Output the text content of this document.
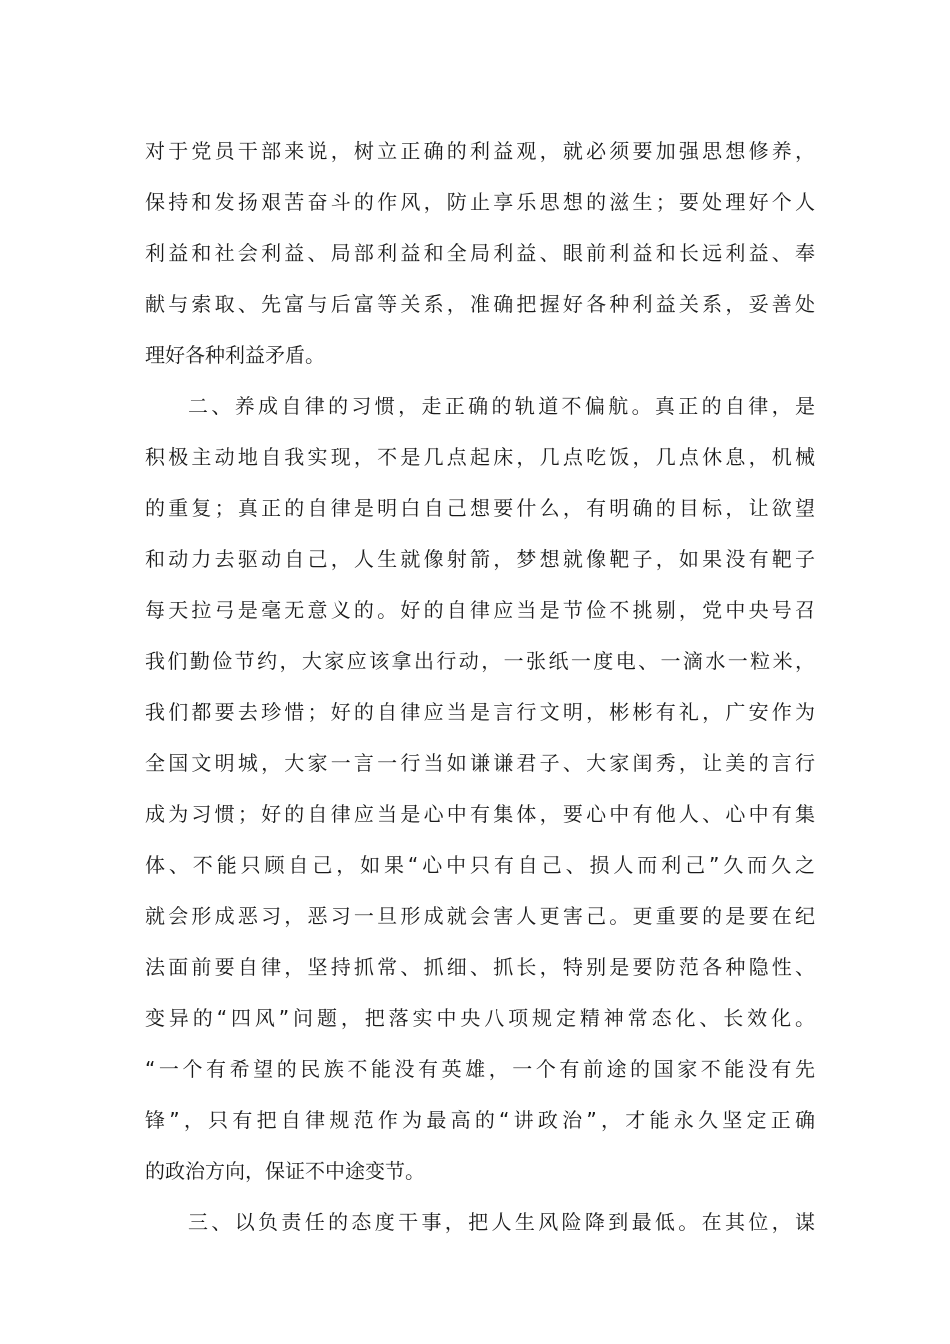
对于党员干部来说，树立正确的利益观，就必须要加强思想修养，
保持和发扬艰苦奋斗的作风，防止享乐思想的滋生；要处理好个人
利益和社会利益、局部利益和全局利益、眼前利益和长远利益、奉
献与索取、先富与后富等关系，准确把握好各种利益关系，妥善处
理好各种利益矛盾。
二、养成自律的习惯，走正确的轨道不偏航。真正的自律，是
积极主动地自我实现，不是几点起床，几点吃饭，几点休息，机械
的重复；真正的自律是明白自己想要什么，有明确的目标，让欲望
和动力去驱动自己，人生就像射箭，梦想就像靶子，如果没有靶子
每天拉弓是毫无意义的。好的自律应当是节俭不挑剔，党中央号召
我们勤俭节约，大家应该拿出行动，一张纸一度电、一滴水一粒米，
我们都要去珍惜；好的自律应当是言行文明，彬彬有礼，广安作为
全国文明城，大家一言一行当如谦谦君子、大家闺秀，让美的言行
成为习惯；好的自律应当是心中有集体，要心中有他人、心中有集
体、不能只顾自己，如果“心中只有自己、损人而利己”久而久之
就会形成恶习，恶习一旦形成就会害人更害己。更重要的是要在纪
法面前要自律，坚持抓常、抓细、抓长，特别是要防范各种隐性、
变异的“四风”问题，把落实中央八项规定精神常态化、长效化。
“一个有希望的民族不能没有英雄，一个有前途的国家不能没有先
锋”，只有把自律规范作为最高的“讲政治”，才能永久坚定正确
的政治方向，保证不中途变节。
三、以负责任的态度干事，把人生风险降到最低。在其位，谋
